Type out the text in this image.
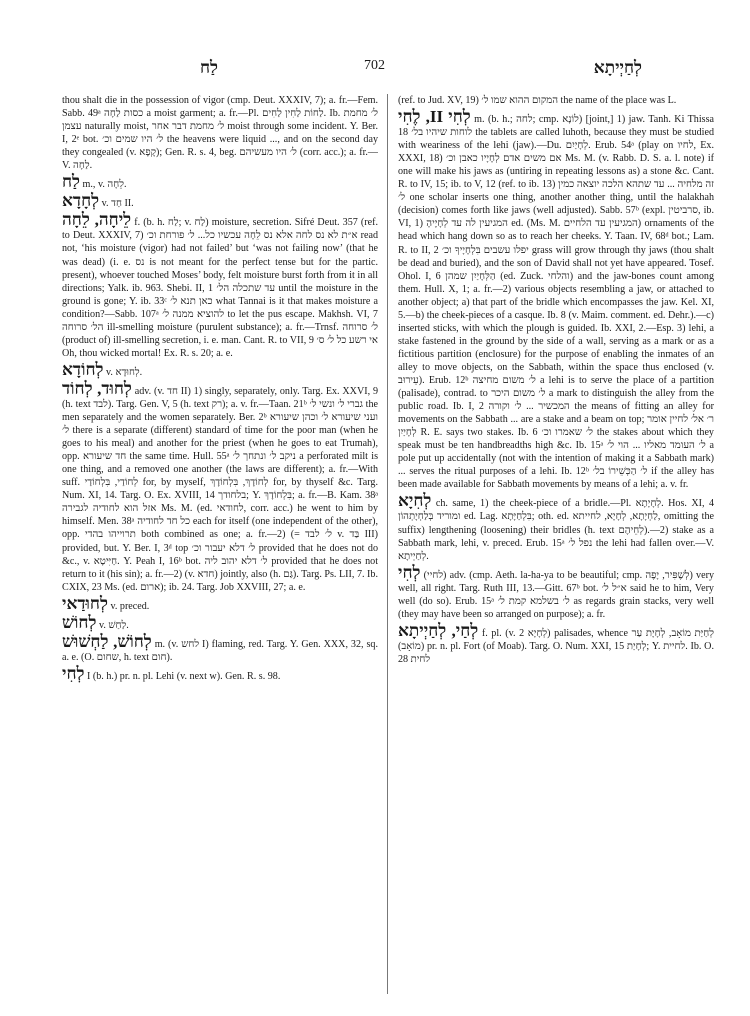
לַח	702	לְחַיְיתָא

thou shalt die in the possession of vigor (cmp. Deut. XXXIV, 7); a. fr.—Fem. Sabb. 49ᵃ כסות לַחָה a moist garment; a. fr.—Pl. לַחוֹת לַחִין לַחִים. Ib. ל׳ מחמת עצמן naturally moist, ל׳ מחמת דבר אחר moist through some incident. Y. Ber. I, 2ᵉ bot. ל׳ היו שמים וכ׳ the heavens were liquid ..., and on the second day they congealed (v. קָפָא); Gen. R. s. 4, beg. ל׳ היו מעשיהם (corr. acc.); a. fr.—V. לַחָה.

לַח m., v. לֵחָה.

לְחָדָא v. חַד II.

לֵיחָה, לֵחָה f. (b. h. לַח; v. לַח) moisture, secretion. Sifré Deut. 357 (ref. to Deut. XXXIV, 7) א״ת לא נס לחה אלא נס לֵחָה עכשיו כל... ל׳ פורחת וכ׳ read not, ‘his moisture (vigor) had not failed’ but ‘was not failing now’ (that he was dead) (i. e. נס is not meant for the perfect tense but for the partic. present), whoever touched Moses’ body, felt moisture burst forth from it in all directions; Yalk. ib. 963. Shebi. II, 1 עד שתכלה הל׳ until the moisture in the ground is gone; Y. ib. 33ᶜ כאן תנא ל׳ what Tannai is it that makes moisture a condition?—Sabb. 107ᵃ להוציא ממנה ל׳ to let the pus escape. Makhsh. VI, 7 הל׳ סרוחה ill-smelling moisture (purulent substance); a. fr.—Trnsf. ל׳ סרוחה (product of) ill-smelling secretion, i. e. man. Cant. R. to VII, 9 אי רשע כל ל׳ ס׳ Oh, thou wicked mortal! Ex. R. s. 20; a. e.

לְחוֹדָא v. לְחוּדָא.

לְחוּד, לְחוֹד adv. (v. חד II) 1) singly, separately, only. Targ. Ex. XXVI, 9 (h. text לבד). Targ. Gen. V, 5 (h. text רק); a. v. fr.—Taan. 21ᵇ גברי ל׳ ונשי ל׳ the men separately and the women separately. Ber. 2ᵇ ועני שיעורא ל׳ וכהן שיעורא ל׳ there is a separate (different) standard of time for the poor man (when he goes to his meal) and another for the priest (when he goes to eat Trumah), opp. חד שיעורא the same time. Hull. 55ᵃ ניקב ל׳ ונתחך ל׳ a perforated milt is one thing, and a removed one another (the laws are different); a. fr.—With suff. לְחוֹדַי, בִּלְחוֹדַי for, by myself, לְחוֹדָךְ, בִּלְחוֹדָךְ for, by thyself &c. Targ. Num. XI, 14. Targ. O. Ex. XVIII, 14 בלחודך; Y. בִּלְחוֹדָךְ; a. fr.—B. Kam. 38ᵃ אזל הוא לחודיה לגבירה Ms. M. (ed. לחודאי, corr. acc.) he went to him by himself. Men. 38ᵃ כל חד לחודיה each for itself (one independent of the other), opp. תרוייהו בהדי both combined as one; a. fr.—2) (= ל׳ לבד v. בַּד III) provided, but. Y. Ber. I, 3ᵈ top ל׳ דלא יעבור וכ׳ provided that he does not do &c., v. חַיִּיטָא. Y. Peah I, 16ᵇ bot. ל׳ דלא יהוב ליה provided that he does not return to it (his sin); a. fr.—2) (v. חדא) jointly, also (h. גַּם). Targ. Ps. LII, 7. Ib. CXIX, 23 Ms. (ed. ארום); ib. 24. Targ. Job XXVIII, 27; a. e.

לְחוּדַאי v. preced.

לְחוֹשׁ v. לַחַשׁ.

לְחוֹשׁ, לַחְשׁוּשׁ m. (v. לחש I) flaming, red. Targ. Y. Gen. XXX, 32, sq. a. e. (O. שחום, h. text חום).

לְחִי I (b. h.) pr. n. pl. Lehi (v. next w). Gen. R. s. 98.

(ref. to Jud. XV, 19) המקום ההוא שמו ל׳ the name of the place was L.

לְחִי II, לֶחִי m. (b. h.; לחה; cmp. לוֹנָא) [joint,] 1) jaw. Tanh. Ki Thissa 18 לוחות שיהיו בל׳ the tablets are called luhoth, because they must be studied with weariness of the lehi (jaw).—Du. לְחָיַיִם. Erub. 54ᵃ (play on לחיו, Ex. XXXI, 18) אם משים אדם לְחָיָיו כאבן וכ׳ Ms. M. (v. Rabb. D. S. a. l. note) if one will make his jaws as (untiring in repeating lessons as) a stone &c. Cant. R. to IV, 15; ib. to V, 12 (ref. to ib. 13) זה מלחיה ... עד שתהא הלכה יוצאה כמין ל׳ one scholar inserts one thing, another another thing, until the halakhah (decision) comes forth like jaws (well adjusted). Sabb. 57ᵇ (expl. סרביטין, ib. VI, 1) המגיעין לה עד לְחָיֶיהָ ed. (Ms. M. המגיעין עד הלחיים) ornaments of the head which hang down so as to reach her cheeks. Y. Taan. IV, 68ᵈ bot.; Lam. R. to II, 2 יפלו עשבים בִּלְחָיָיךָ וכ׳ grass will grow through thy jaws (thou shalt be dead and buried), and the son of David shall not yet have appeared. Tosef. Ohol. I, 6 הַלְּחָיַיִן שמהן (ed. Zuck. והלחי) and the jaw-bones count among them. Hull. X, 1; a. fr.—2) various objects resembling a jaw, or attached to another object; a) that part of the bridle which encompasses the jaw. Kel. XI, 5.—b) the cheek-pieces of a casque. Ib. 8 (v. Maim. comment. ed. Dehr.).—c) inserted sticks, with which the plough is guided. Ib. XXI, 2.—Esp. 3) lehi, a stake fastened in the ground by the side of a wall, serving as a mark or as a fictitious partition (enclosure) for the purpose of enabling the inmates of an alley to move objects, on the Sabbath, within the space thus enclosed (v. עֵירוּב). Erub. 12ᵇ ל׳ משום מחיצה a lehi is to serve the place of a partition (palisade), contrad. to ל׳ משום היכר a mark to distinguish the alley from the public road. Ib. I, 2 המכשיר ... ל׳ וקורה the means of fitting an alley for movements on the Sabbath ... are a stake and a beam on top; ר׳ אל׳ לחיין אומר לְחָיַיִן R. E. says two stakes. Ib. 6 ל׳ שאמרו וכ׳ the stakes about which they speak must be ten handbreadths high &c. Ib. 15ᵃ ל׳ העומד מאליו ... הוי ל׳ a pole put up accidentally (not with the intention of making it a Sabbath mark) ... serves the ritual purposes of a lehi. Ib. 12ᵇ ל׳ הַכְּשֵׁירוֹ בל׳ if the alley has been made available for Sabbath movements by means of a lehi; a. v. fr.

לְחִיָא ch. same, 1) the cheek-piece of a bridle.—Pl. לְחָיָתָא. Hos. XI, 4 ומוריד בְּלַחְיָתְהוֹן ed. Lag. בִּלְחַיָּתָא; oth. ed. לַחְיָתָא, לְחָיָא, לחייתא, omitting the suffix) lengthening (loosening) their bridles (h. text לְחֵיהֶם).—2) stake as a Sabbath mark, lehi, v. preced. Erub. 15ᵃ נפל ל׳ the lehi had fallen over.—V. לְחַיְיתָא.

לְחִי (לחיי) adv. (cmp. Aeth. la-ha-ya to be beautiful; cmp. לְשֶׁפִּיר, יָפֶה) very well, all right. Targ. Ruth III, 13.—Gitt. 67ᵇ bot. א״ל ל׳ said he to him, Very well (do so). Erub. 15ᵃ ל׳ בשלמא קמת ל׳ as regards grain stacks, very well (they may have been so arranged on purpose); a. fr.

לְחַי, לְחַיְיתָא f. pl. (v. לְחָיָא 2) palisades, whence לְחַיַּת מוֹאָב, לְחָיָת עַר (מוֹאָב) pr. n. pl. Fort (of Moab). Targ. O. Num. XXI, 15 לְחָיַת; Y. לחיית. Ib. O. 28 לחית
